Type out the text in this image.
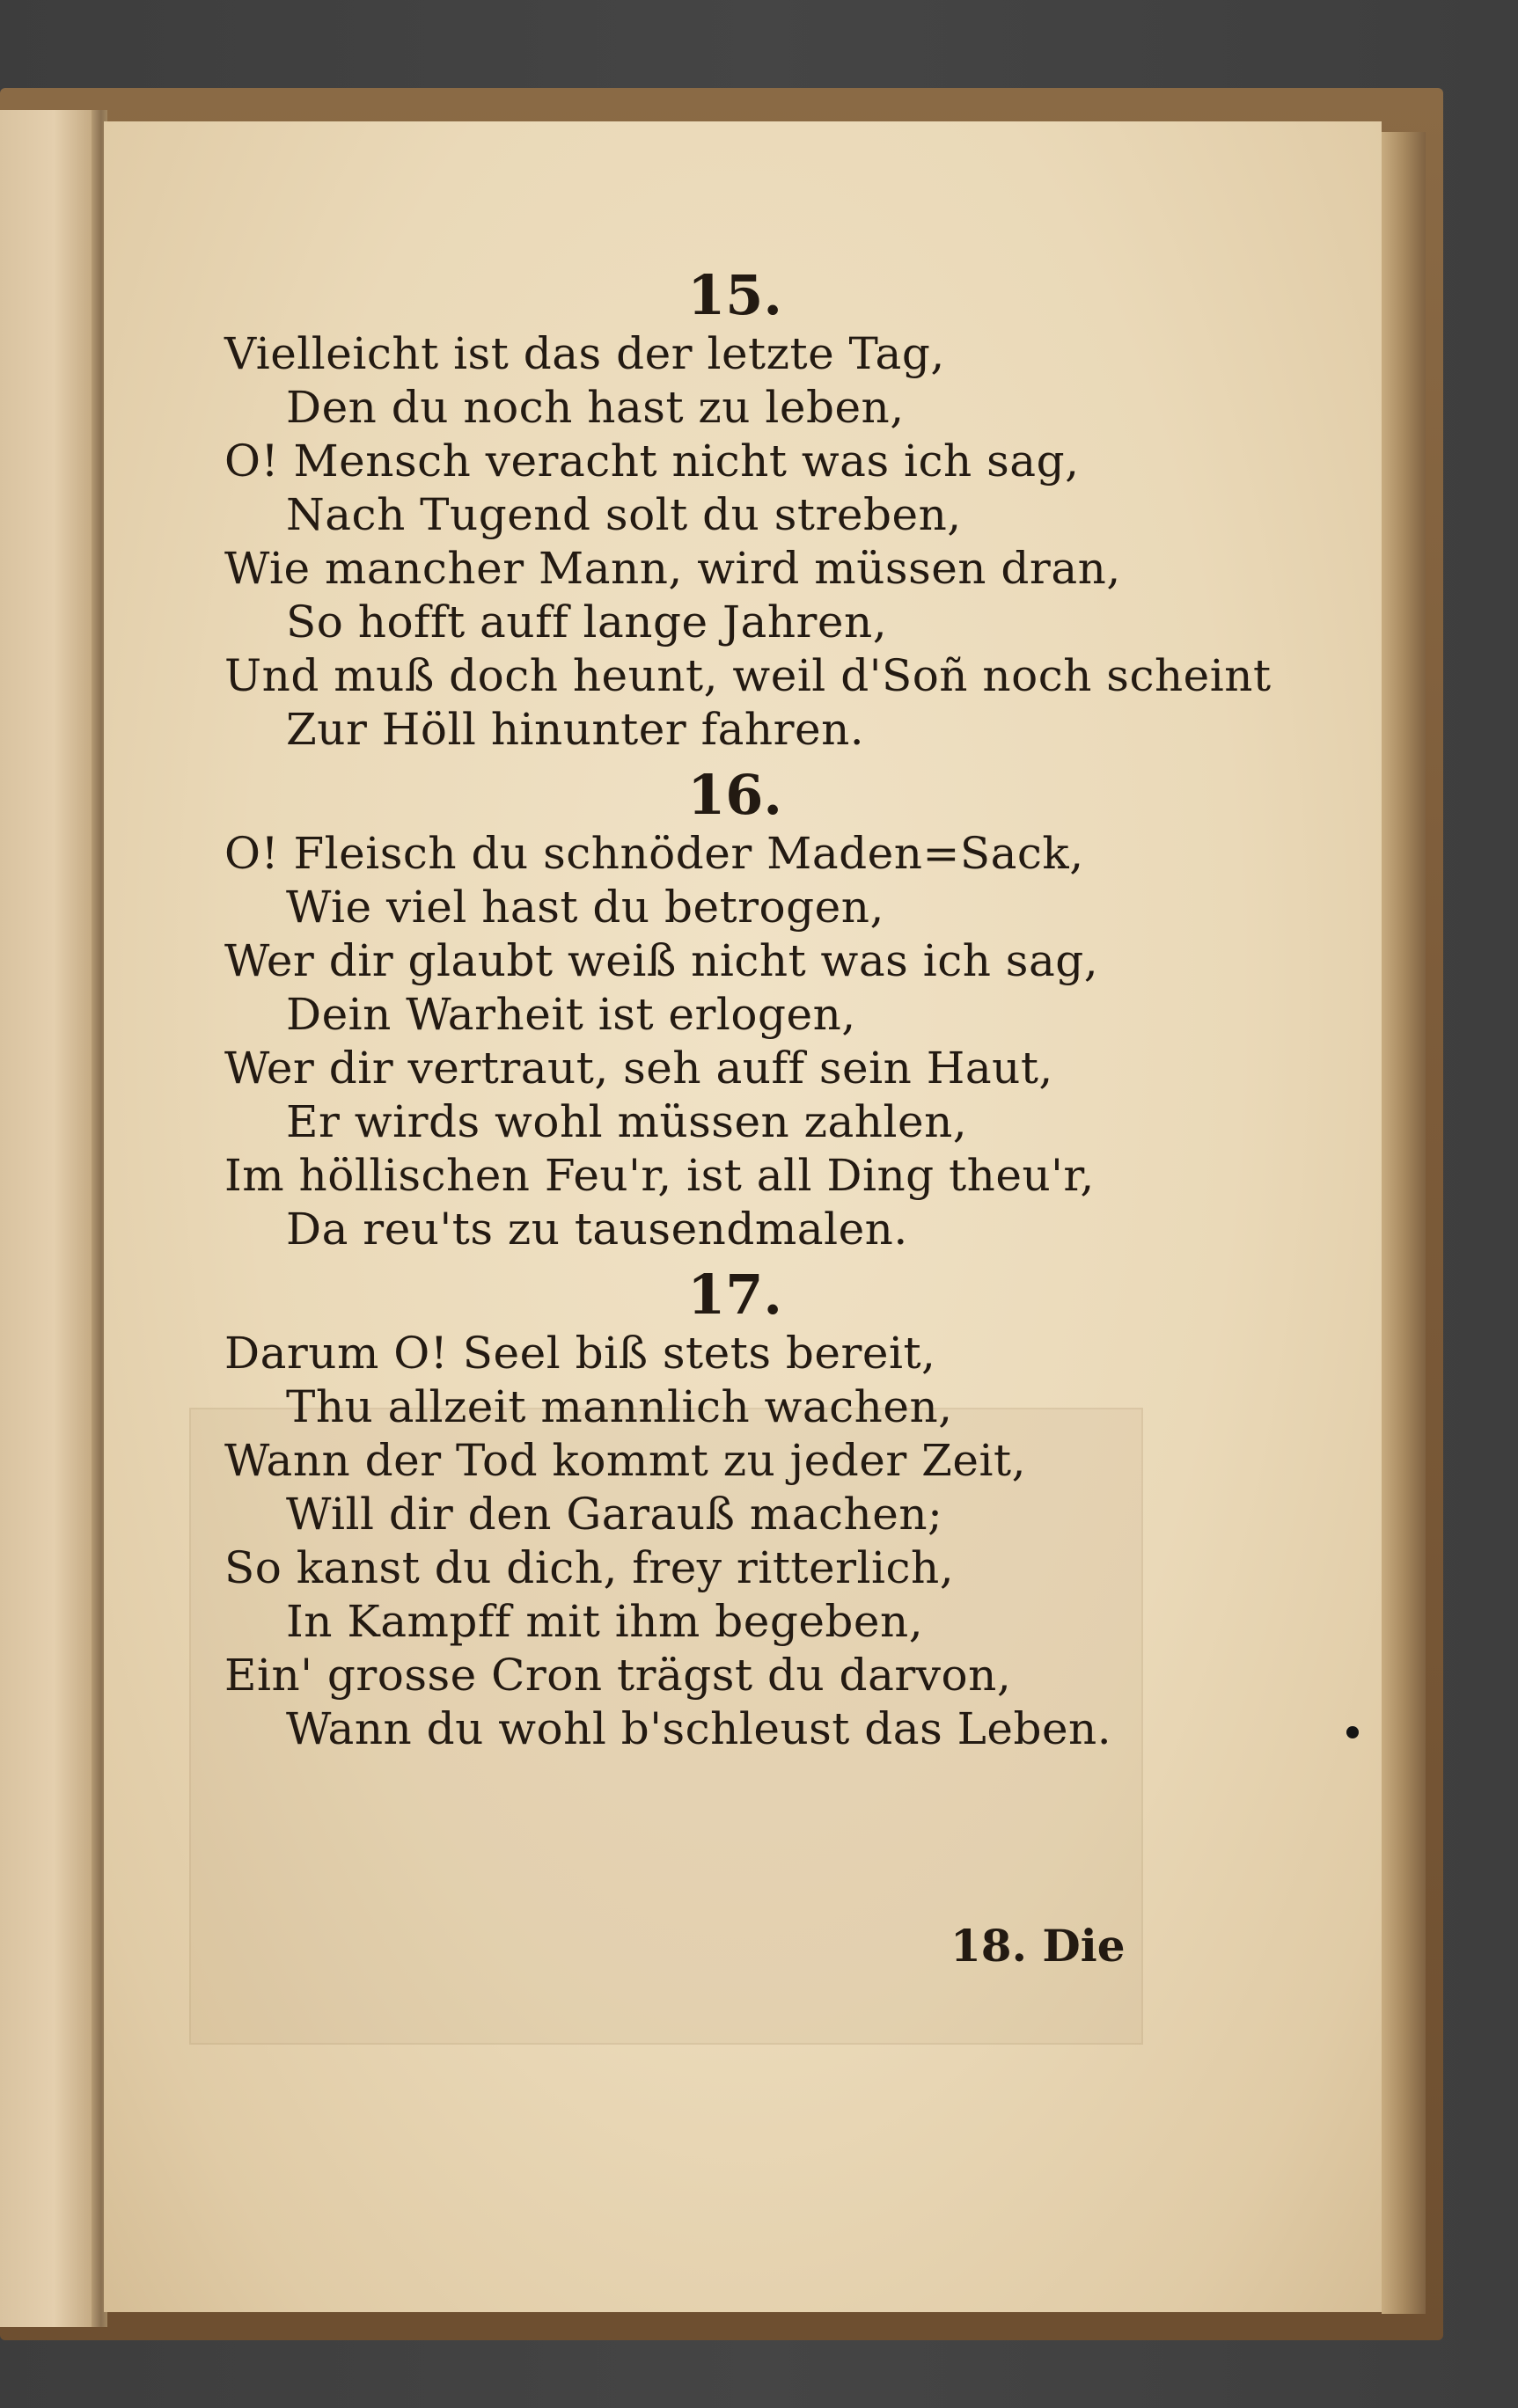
15.
Vielleicht ist das der letzte Tag,
Den du noch hast zu leben,
O! Mensch veracht nicht was ich sag,
Nach Tugend solt du streben,
Wie mancher Mann, wird müssen dran,
So hofft auff lange Jahren,
Und muß doch heunt, weil d'Soñ noch scheint
Zur Höll hinunter fahren.
16.
O! Fleisch du schnöder Maden=Sack,
Wie viel hast du betrogen,
Wer dir glaubt weiß nicht was ich sag,
Dein Warheit ist erlogen,
Wer dir vertraut, seh auff sein Haut,
Er wirds wohl müssen zahlen,
Im höllischen Feu'r, ist all Ding theu'r,
Da reu'ts zu tausendmalen.
17.
Darum O! Seel biß stets bereit,
Thu allzeit mannlich wachen,
Wann der Tod kommt zu jeder Zeit,
Will dir den Garauß machen;
So kanst du dich, frey ritterlich,
In Kampff mit ihm begeben,
Ein' grosse Cron trägst du darvon,
Wann du wohl b'schleust das Leben.
18. Die
